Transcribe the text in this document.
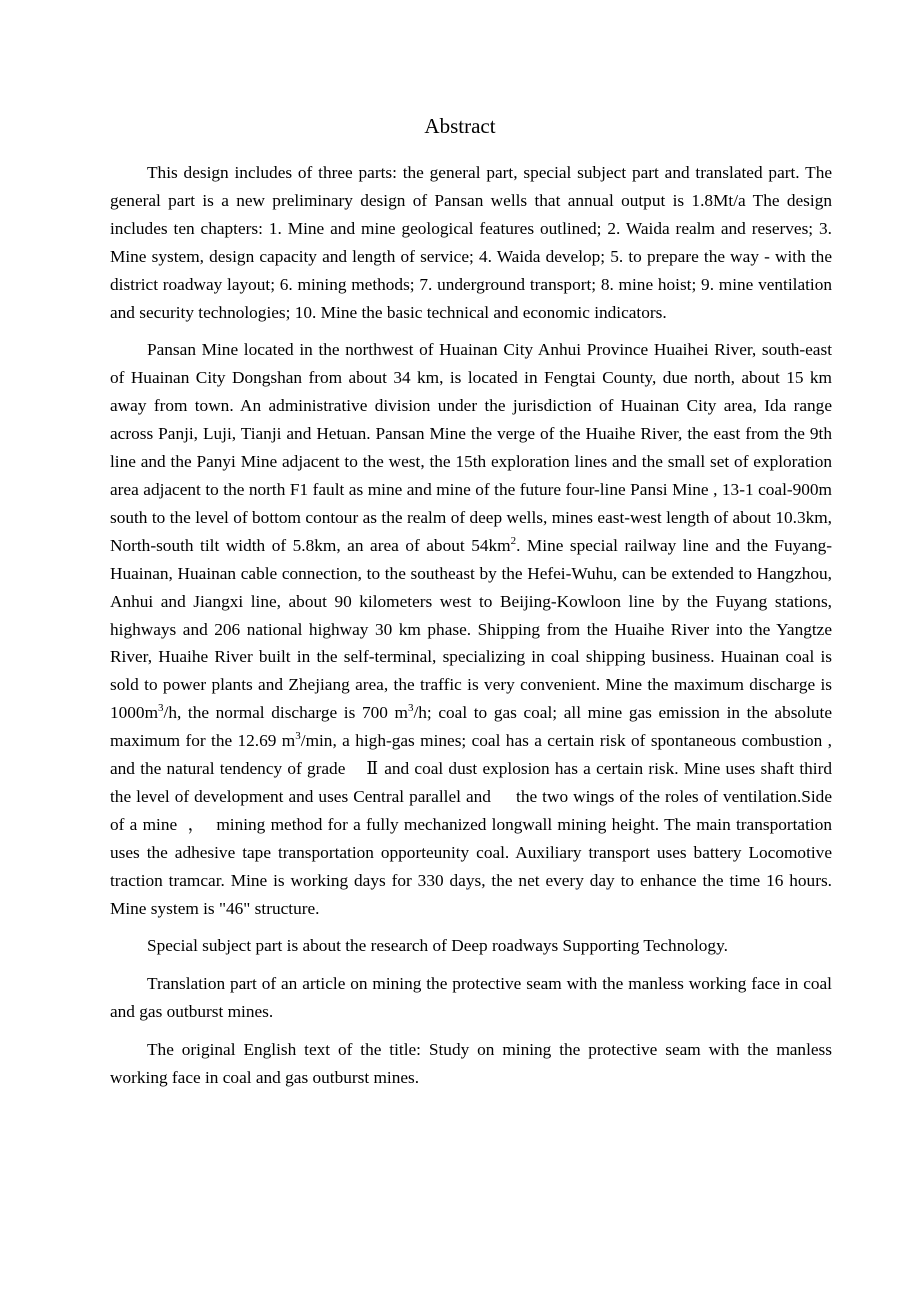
Abstract

This design includes of three parts: the general part, special subject part and translated part. The general part is a new preliminary design of Pansan wells that annual output is 1.8Mt/a The design includes ten chapters: 1. Mine and mine geological features outlined; 2. Waida realm and reserves; 3. Mine system, design capacity and length of service; 4. Waida develop; 5. to prepare the way - with the district roadway layout; 6. mining methods; 7. underground transport; 8. mine hoist; 9. mine ventilation and security technologies; 10. Mine the basic technical and economic indicators.

Pansan Mine located in the northwest of Huainan City Anhui Province Huaihei River, south-east of Huainan City Dongshan from about 34 km, is located in Fengtai County, due north, about 15 km away from town. An administrative division under the jurisdiction of Huainan City area, Ida range across Panji, Luji, Tianji and Hetuan. Pansan Mine the verge of the Huaihe River, the east from the 9th line and the Panyi Mine adjacent to the west, the 15th exploration lines and the small set of exploration area adjacent to the north F1 fault as mine and mine of the future four-line Pansi Mine , 13-1 coal-900m south to the level of bottom contour as the realm of deep wells, mines east-west length of about 10.3km, North-south tilt width of 5.8km, an area of about $54km^2$. Mine special railway line and the Fuyang-Huainan, Huainan cable connection, to the southeast by the Hefei-Wuhu, can be extended to Hangzhou, Anhui and Jiangxi line, about 90 kilometers west to Beijing-Kowloon line by the Fuyang stations, highways and 206 national highway 30 km phase. Shipping from the Huaihe River into the Yangtze River, Huaihe River built in the self-terminal, specializing in coal shipping business. Huainan coal is sold to power plants and Zhejiang area, the traffic is very convenient. Mine the maximum discharge is $1000m^3/h$, the normal discharge is 700 $m^3/h$; coal to gas coal; all mine gas emission in the absolute maximum for the 12.69 $m^3/\min$, a high-gas mines; coal has a certain risk of spontaneous combustion , and the natural tendency of grade    Ⅱ and coal dust explosion has a certain risk. Mine uses shaft third the level of development and uses Central parallel and     the two wings of the roles of ventilation.Side of a mine  ，  mining method for a fully mechanized longwall mining height. The main transportation uses the adhesive tape transportation opporteunity coal. Auxiliary transport uses battery Locomotive traction tramcar. Mine is working days for 330 days, the net every day to enhance the time 16 hours. Mine system is "46" structure.

Special subject part is about the research of Deep roadways Supporting Technology.

Translation part of an article on mining the protective seam with the manless working face in coal and gas outburst mines.

The original English text of the title: Study on mining the protective seam with the manless working face in coal and gas outburst mines.
